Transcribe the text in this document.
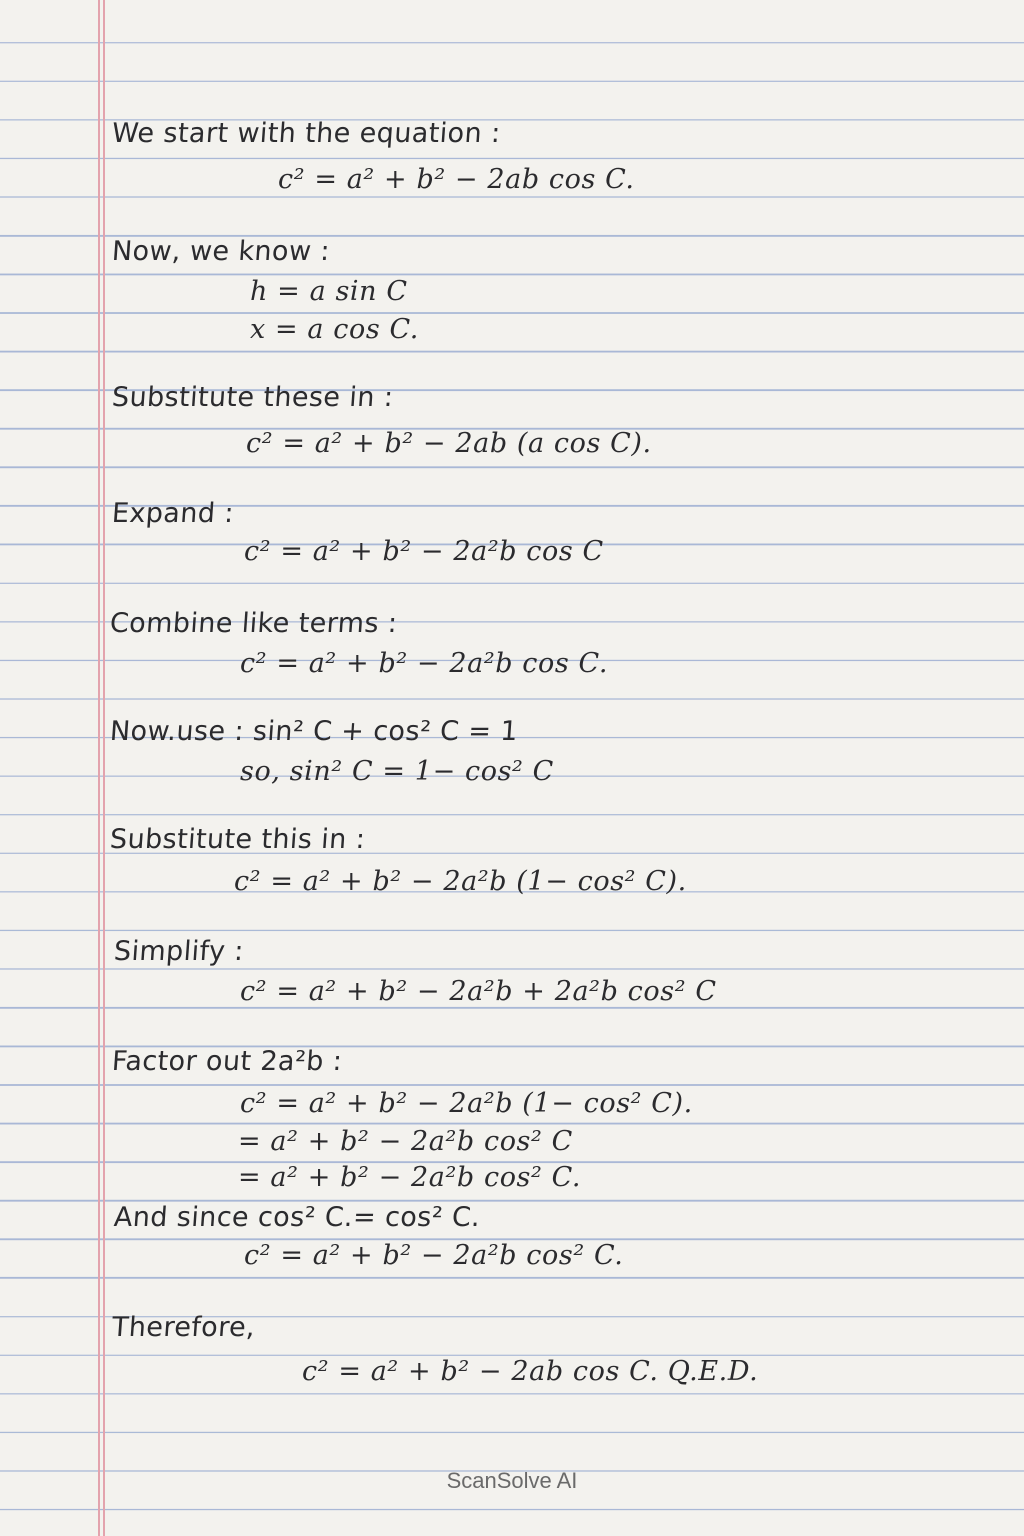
We start with the equation :
c² = a² + b² − 2ab cos C.
Now, we know :
h = a sin C
x = a cos C.
Substitute these in :
c² = a² + b² − 2ab (a cos C).
Expand :
c² = a² + b² − 2a²b cos C
Combine like terms :
c² = a² + b² − 2a²b cos C.
Now.use : sin² C + cos² C = 1
so, sin² C = 1− cos² C
Substitute this in :
c² = a² + b² − 2a²b (1− cos² C).
Simplify :
c² = a² + b² − 2a²b + 2a²b cos² C
Factor out 2a²b :
c² = a² + b² − 2a²b (1− cos² C).
= a² + b² − 2a²b cos² C
= a² + b² − 2a²b cos² C.
And since cos² C.= cos² C.
c² = a² + b² − 2a²b cos² C.
Therefore,
c² = a² + b² − 2ab cos C. Q.E.D.
ScanSolve AI
